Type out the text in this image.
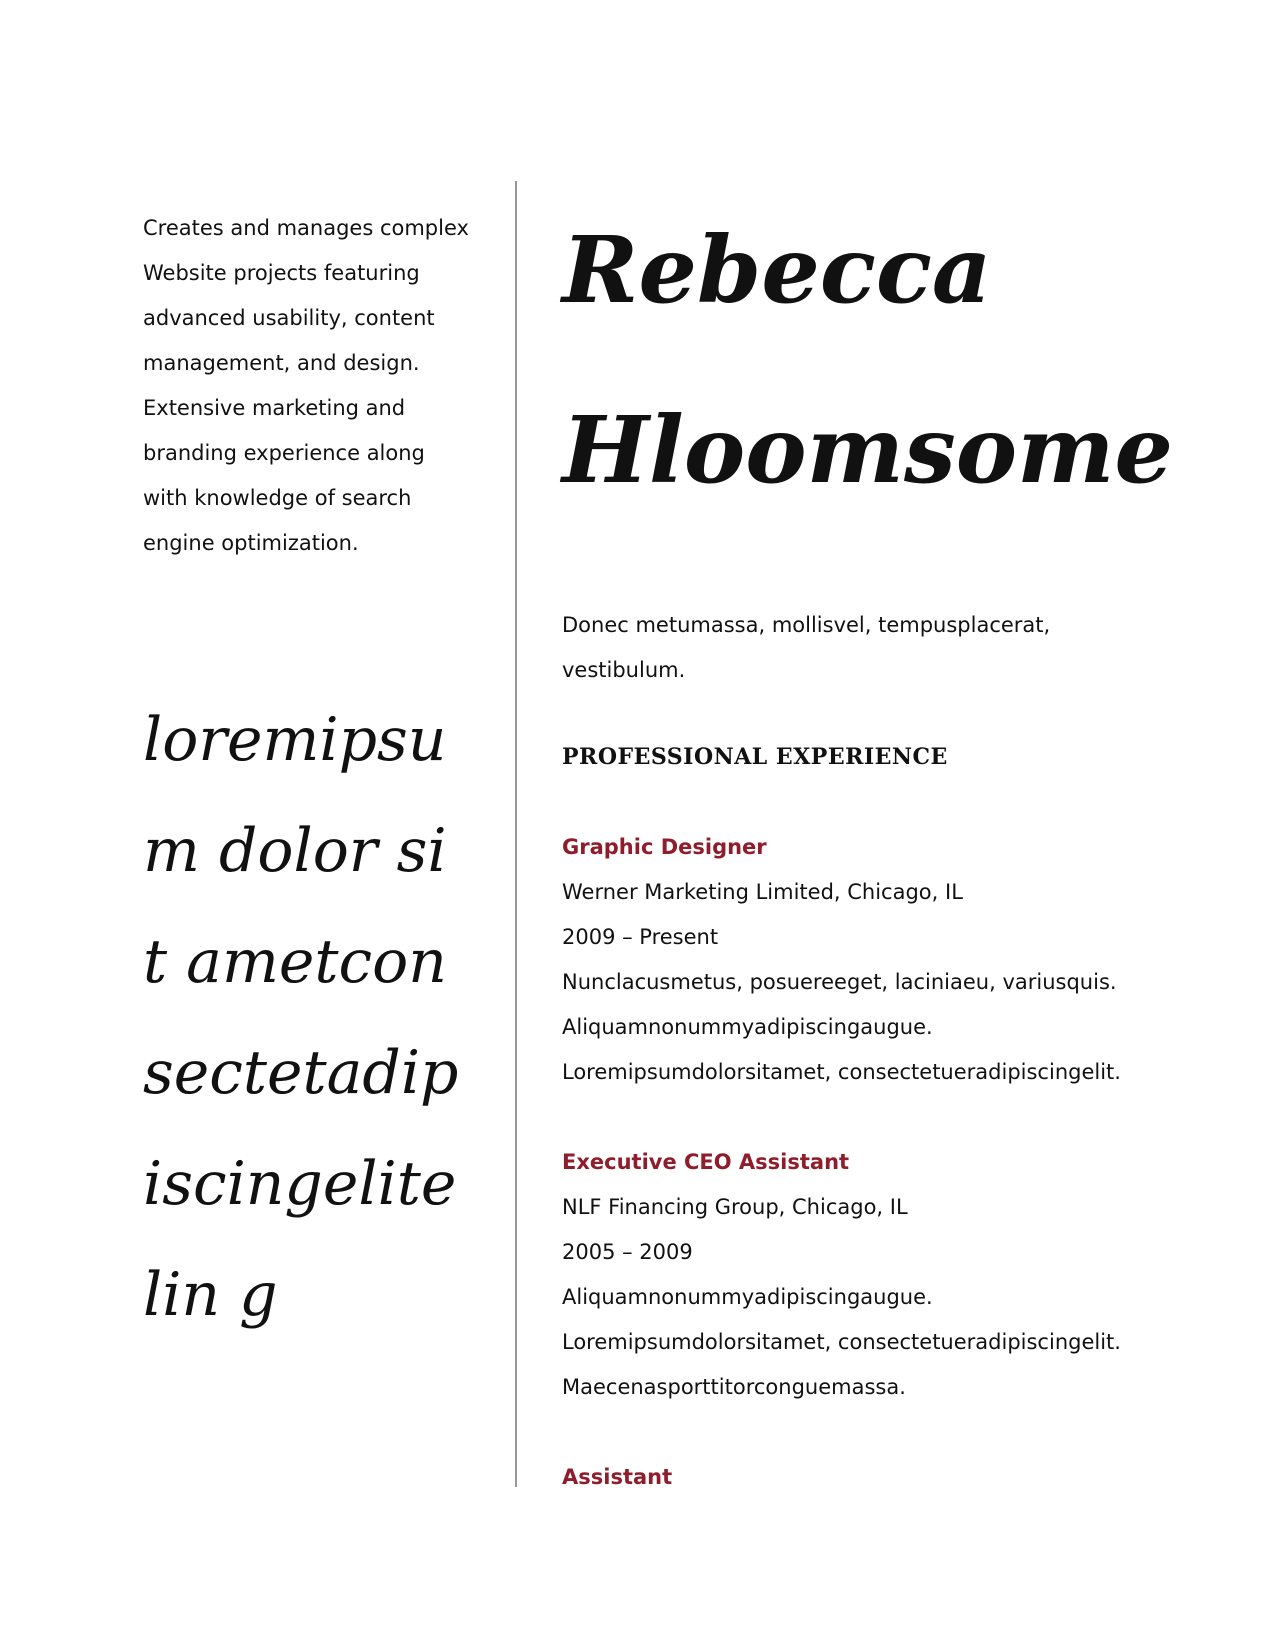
Creates and manages complex
Website projects featuring
advanced usability, content
management, and design.
Extensive marketing and
branding experience along
with knowledge of search
engine optimization.

loremipsum dolor sit ametconsectetadipiscingelitelin g

Rebecca
Hloomsome

Donec metumassa, mollisvel, tempusplacerat,
vestibulum.

PROFESSIONAL EXPERIENCE

Graphic Designer

Werner Marketing Limited, Chicago, IL

2009 – Present

Nunclacusmetus, posuereeget, laciniaeu, variusquis.

Aliquamnonummyadipiscingaugue.

Loremipsumdolorsitamet, consectetueradipiscingelit.

Executive CEO Assistant

NLF Financing Group, Chicago, IL

2005 – 2009

Aliquamnonummyadipiscingaugue.

Loremipsumdolorsitamet, consectetueradipiscingelit.

Maecenasporttitorconguemassa.

Assistant
